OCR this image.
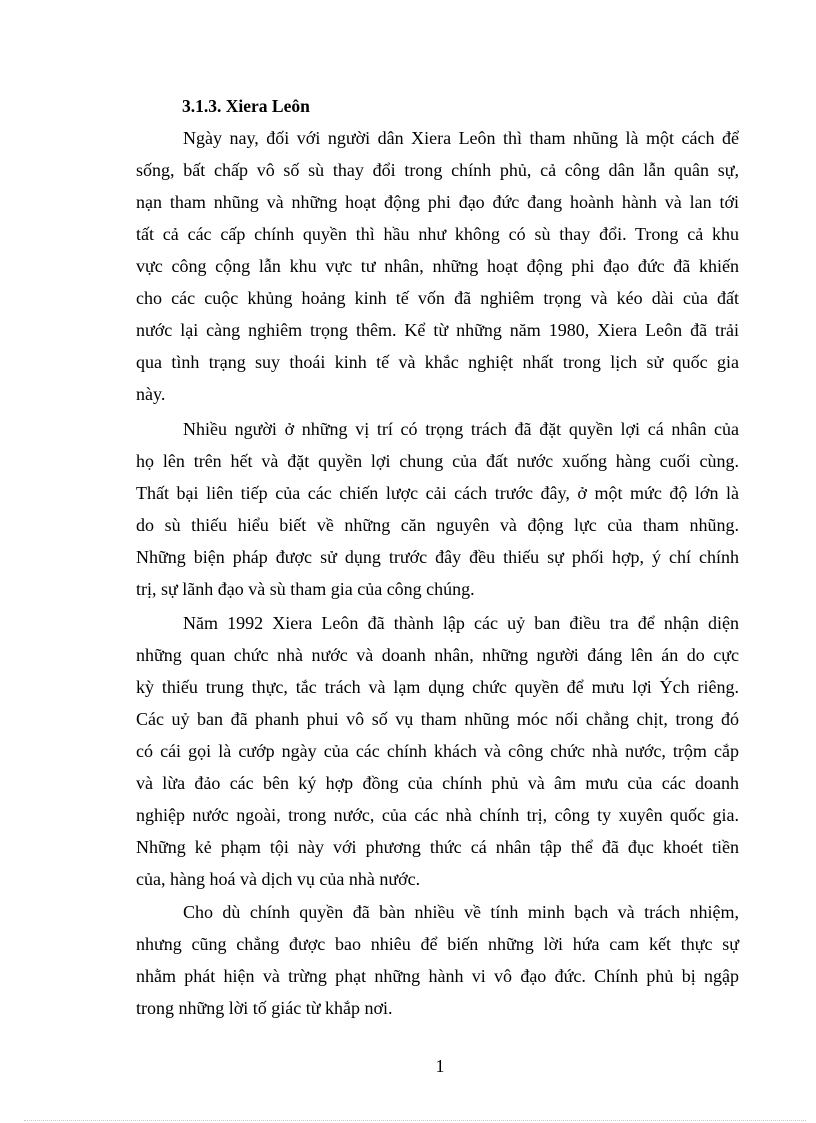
3.1.3. Xiera Leôn
Ngày nay, đối với người dân Xiera Leôn thì tham nhũng là một cách để
sống, bất chấp vô số sù thay đổi trong chính phủ, cả công dân lẫn quân sự,
nạn tham nhũng và những hoạt động phi đạo đức đang hoành hành và lan tới
tất cả các cấp chính quyền thì hầu như không có sù thay đổi. Trong cả khu
vực công cộng lẫn khu vực tư nhân, những hoạt động phi đạo đức đã khiến
cho các cuộc khủng hoảng kinh tế vốn đã nghiêm trọng và kéo dài của đất
nước lại càng nghiêm trọng thêm. Kể từ những năm 1980, Xiera Leôn đã trải
qua tình trạng suy thoái kinh tế và khắc nghiệt nhất trong lịch sử quốc gia
này.
Nhiều người ở những vị trí có trọng trách đã đặt quyền lợi cá nhân của
họ lên trên hết và đặt quyền lợi chung của đất nước xuống hàng cuối cùng.
Thất bại liên tiếp của các chiến lược cải cách trước đây, ở một mức độ lớn là
do sù thiếu hiểu biết về những căn nguyên và động lực của tham nhũng.
Những biện pháp được sử dụng trước đây đều thiếu sự phối hợp, ý chí chính
trị, sự lãnh đạo và sù tham gia của công chúng.
Năm 1992 Xiera Leôn đã thành lập các uỷ ban điều tra để nhận diện
những quan chức nhà nước và doanh nhân, những người đáng lên án do cực
kỳ thiếu trung thực, tắc trách và lạm dụng chức quyền để mưu lợi Ých riêng.
Các uỷ ban đã phanh phui vô số vụ tham nhũng móc nối chẳng chịt, trong đó
có cái gọi là cướp ngày của các chính khách và công chức nhà nước, trộm cắp
và lừa đảo các bên ký hợp đồng của chính phủ và âm mưu của các doanh
nghiệp nước ngoài, trong nước, của các nhà chính trị, công ty xuyên quốc gia.
Những kẻ phạm tội này với phương thức cá nhân tập thể đã đục khoét tiền
của, hàng hoá và dịch vụ của nhà nước.
Cho dù chính quyền đã bàn nhiều về tính minh bạch và trách nhiệm,
nhưng cũng chẳng được bao nhiêu để biến những lời hứa cam kết thực sự
nhằm phát hiện và trừng phạt những hành vi vô đạo đức. Chính phủ bị ngập
trong những lời tố giác từ khắp nơi.
1
